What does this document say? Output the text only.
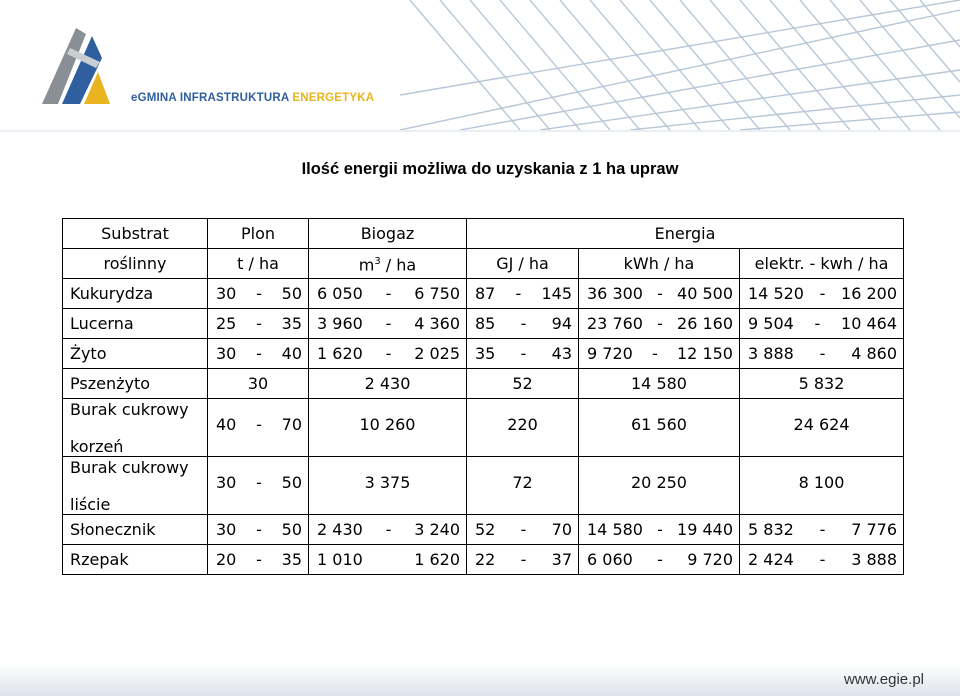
eGMINA INFRASTRUKTURA ENERGETYKA
Ilość energii możliwa do uzyskania z 1 ha upraw
Substrat	Plon	Biogaz	Energia		
roślinny	t / ha	$m^3$ / ha	GJ / ha	kWh / ha	elektr. - kwh / ha
Kukurydza	30 - 50	6 050 - 6 750	87 - 145	36 300 - 40 500	14 520 - 16 200

Lucerna	25 - 35	3 960 - 4 360	85 - 94	23 760 - 26 160	9 504 - 10 464

Żyto	30 - 40	1 620 - 2 025	35 - 43	9 720 - 12 150	3 888 - 4 860

Pszenżyto	30	2 430	52	14 580	5 832

Burak cukrowy
korzeń	40 - 70	10 260	220	61 560	24 624

Burak cukrowy
liście	30 - 50	3 375	72	20 250	8 100

Słonecznik	30 - 50	2 430 - 3 240	52 - 70	14 580 - 19 440	5 832 - 7 776

Rzepak	20 - 35	1 010 1 620	22 - 37	6 060 - 9 720	2 424 - 3 888
www.egie.pl
